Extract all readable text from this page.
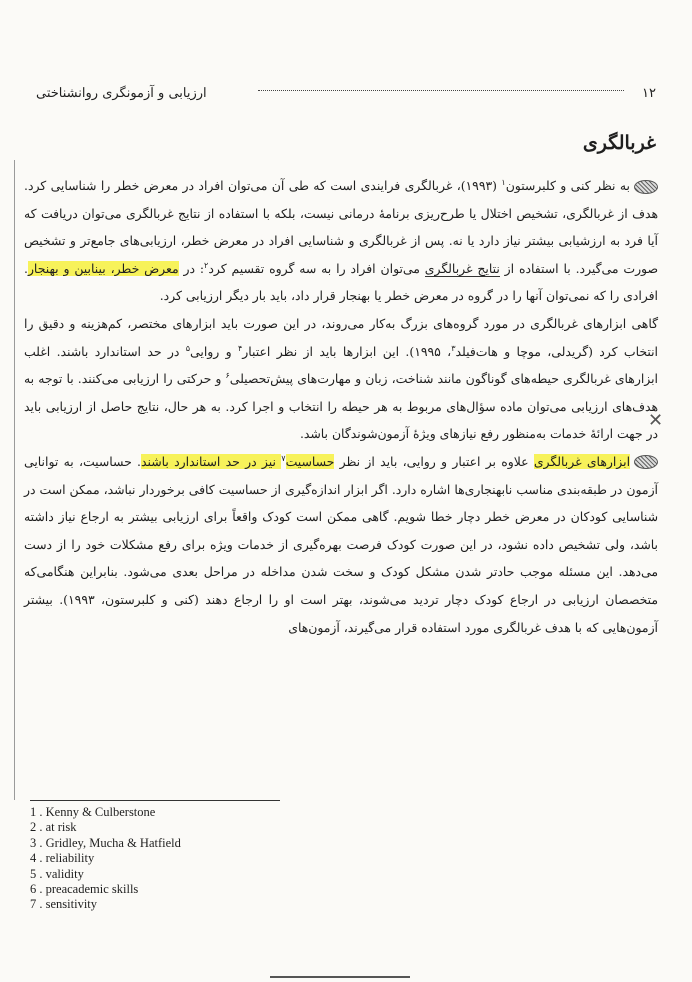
۱۲
ارزیابی و آزمونگری روانشناختی
غربالگری

به نظر کنی و کلبرستون$^۱$ (۱۹۹۳)، غربالگری فرایندی است که طی آن می‌توان افراد در معرض خطر را شناسایی کرد. هدف از غربالگری، تشخیص اختلال یا طرح‌ریزی برنامهٔ درمانی نیست، بلکه با استفاده از نتایج غربالگری می‌توان دریافت که آیا فرد به ارزشیابی بیشتر نیاز دارد یا نه. پس از غربالگری و شناسایی افراد در معرض خطر، ارزیابی‌های جامع‌تر و تشخیص صورت می‌گیرد. با استفاده از نتایج غربالگری می‌توان افراد را به سه گروه تقسیم کرد$^۲$: در معرض خطر، بینابین و بهنجار. افرادی را که نمی‌توان آنها را در گروه در معرض خطر یا بهنجار قرار داد، باید بار دیگر ارزیابی کرد.

گاهی ابزارهای غربالگری در مورد گروه‌های بزرگ به‌کار می‌روند، در این صورت باید ابزارهای مختصر، کم‌هزینه و دقیق را انتخاب کرد (گریدلی، موچا و هات‌فیلد$^۳$، ۱۹۹۵). این ابزارها باید از نظر اعتبار$^۴$ و روایی$^۵$ در حد استاندارد باشند. اغلب ابزارهای غربالگری حیطه‌های گوناگون مانند شناخت، زبان و مهارت‌های پیش‌تحصیلی$^۶$ و حرکتی را ارزیابی می‌کنند. با توجه به هدف‌های ارزیابی می‌توان ماده سؤال‌های مربوط به هر حیطه را انتخاب و اجرا کرد. به هر حال، نتایج حاصل از ارزیابی باید در جهت ارائهٔ خدمات به‌منظور رفع نیازهای ویژهٔ آزمون‌شوندگان باشد.

ابزارهای غربالگری علاوه بر اعتبار و روایی، باید از نظر حساسیت$^۷$ نیز در حد استاندارد باشند. حساسیت، به توانایی آزمون در طبقه‌بندی مناسب نابهنجاری‌ها اشاره دارد. اگر ابزار اندازه‌گیری از حساسیت کافی برخوردار نباشد، ممکن است در شناسایی کودکان در معرض خطر دچار خطا شویم. گاهی ممکن است کودک واقعاً برای ارزیابی بیشتر به ارجاع نیاز داشته باشد، ولی تشخیص داده نشود، در این صورت کودک فرصت بهره‌گیری از خدمات ویژه برای رفع مشکلات خود را از دست می‌دهد. این مسئله موجب حادتر شدن مشکل کودک و سخت شدن مداخله در مراحل بعدی می‌شود. بنابراین هنگامی‌که متخصصان ارزیابی در ارجاع کودک دچار تردید می‌شوند، بهتر است او را ارجاع دهند (کنی و کلبرستون، ۱۹۹۳). بیشتر آزمون‌هایی که با هدف غربالگری مورد استفاده قرار می‌گیرند، آزمون‌های

✕
1 . Kenny & Culberstone
2 . at risk
3 . Gridley, Mucha & Hatfield
4 . reliability
5 . validity
6 . preacademic skills
7 . sensitivity
